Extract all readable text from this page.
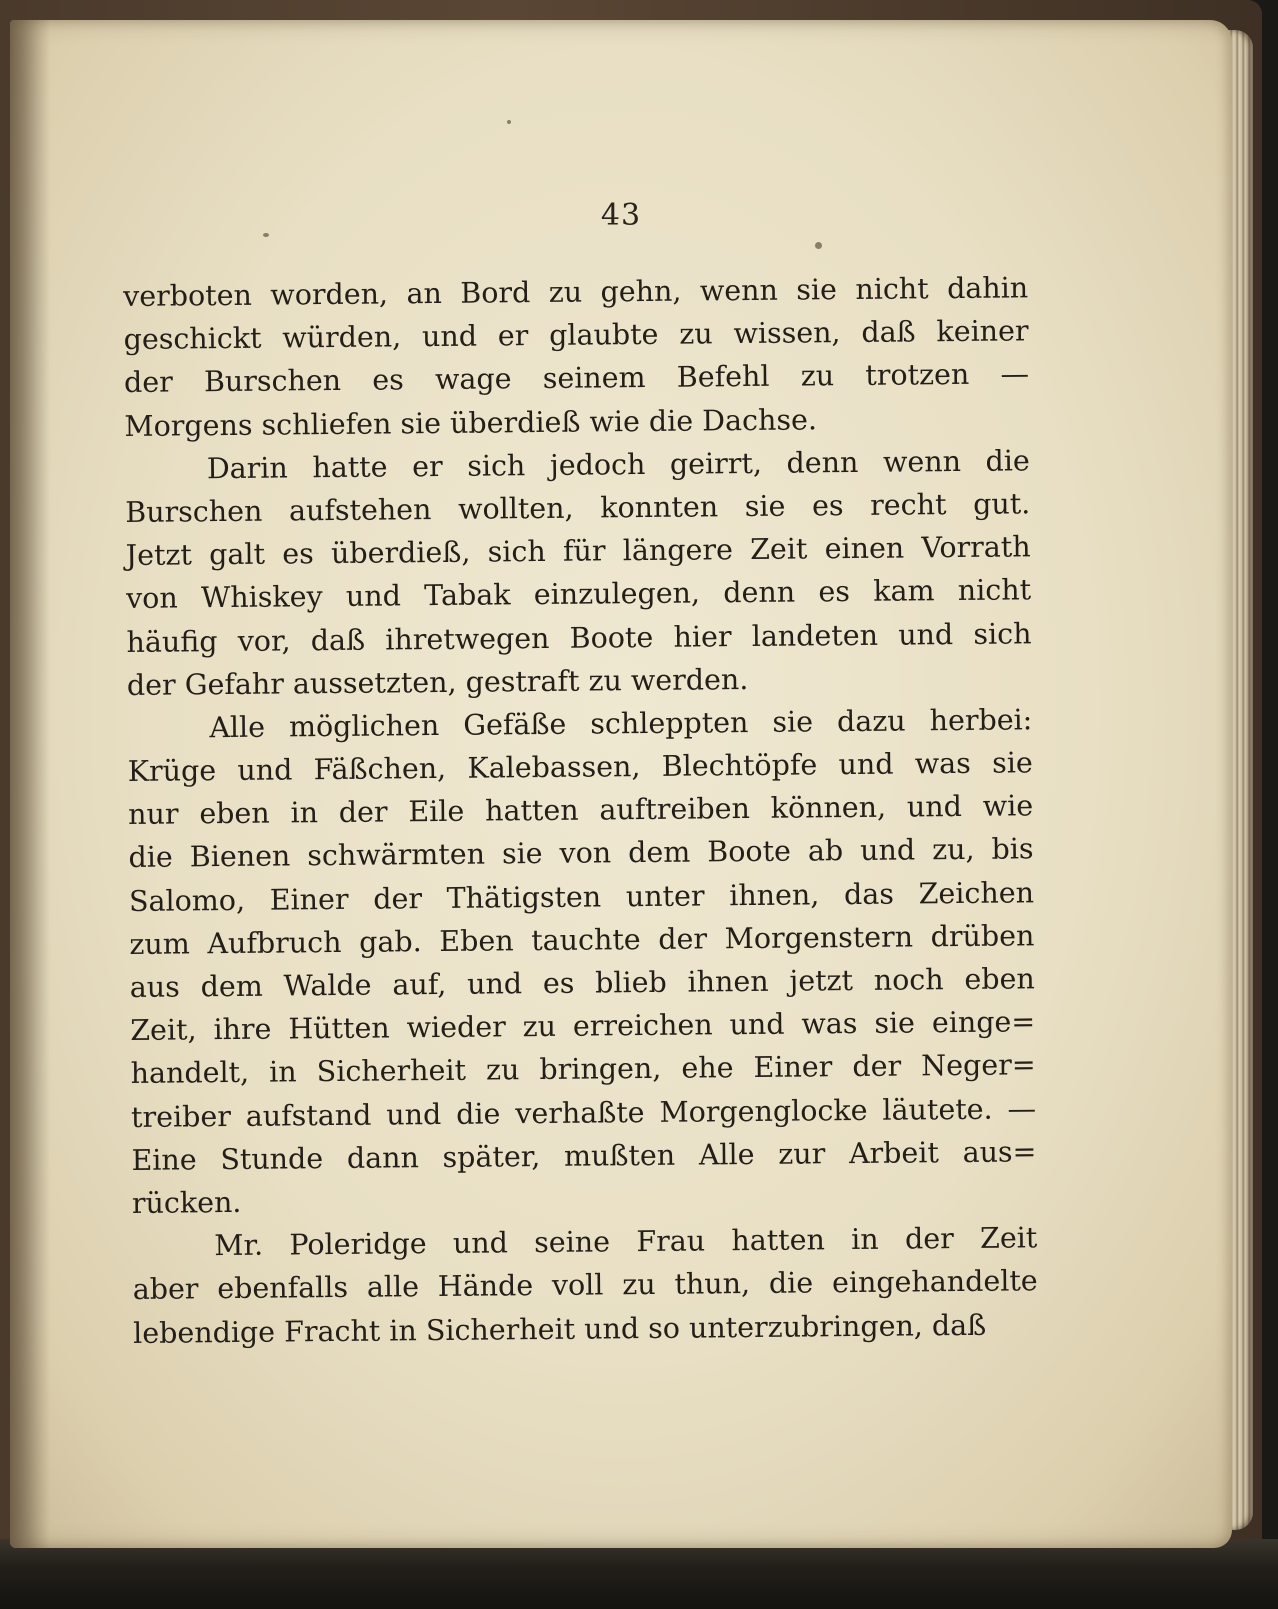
43
verboten worden, an Bord zu gehn, wenn sie nicht dahin
geschickt würden, und er glaubte zu wissen, daß keiner
der Burschen es wage seinem Befehl zu trotzen —
Morgens schliefen sie überdieß wie die Dachse.
Darin hatte er sich jedoch geirrt, denn wenn die
Burschen aufstehen wollten, konnten sie es recht gut.
Jetzt galt es überdieß, sich für längere Zeit einen Vorrath
von Whiskey und Tabak einzulegen, denn es kam nicht
häufig vor, daß ihretwegen Boote hier landeten und sich
der Gefahr aussetzten, gestraft zu werden.
Alle möglichen Gefäße schleppten sie dazu herbei:
Krüge und Fäßchen, Kalebassen, Blechtöpfe und was sie
nur eben in der Eile hatten auftreiben können, und wie
die Bienen schwärmten sie von dem Boote ab und zu, bis
Salomo, Einer der Thätigsten unter ihnen, das Zeichen
zum Aufbruch gab. Eben tauchte der Morgenstern drüben
aus dem Walde auf, und es blieb ihnen jetzt noch eben
Zeit, ihre Hütten wieder zu erreichen und was sie einge=
handelt, in Sicherheit zu bringen, ehe Einer der Neger=
treiber aufstand und die verhaßte Morgenglocke läutete. —
Eine Stunde dann später, mußten Alle zur Arbeit aus=
rücken.
Mr. Poleridge und seine Frau hatten in der Zeit
aber ebenfalls alle Hände voll zu thun, die eingehandelte
lebendige Fracht in Sicherheit und so unterzubringen, daß
